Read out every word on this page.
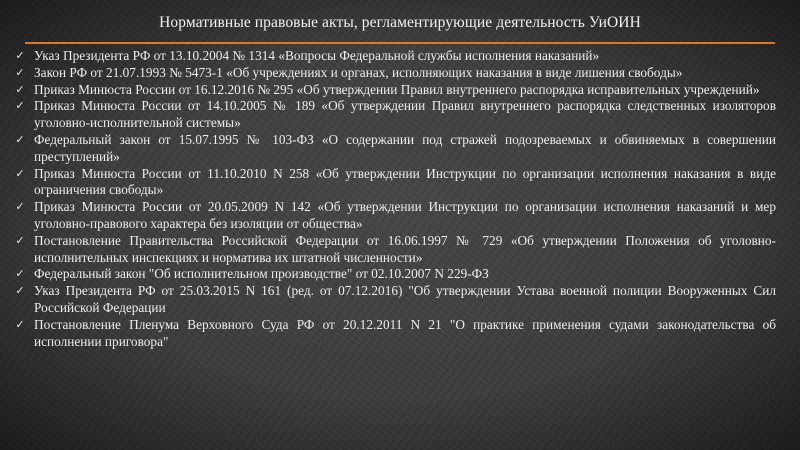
Нормативные правовые акты, регламентирующие деятельность УиОИН
✓ Указ Президента РФ от 13.10.2004 № 1314 «Вопросы Федеральной службы исполнения наказаний»
✓ Закон РФ от 21.07.1993 № 5473-1 «Об учреждениях и органах, исполняющих наказания в виде лишения свободы»
✓ Приказ Минюста России от 16.12.2016 № 295 «Об утверждении Правил внутреннего распорядка исправительных учреждений»
✓ Приказ Минюста России от 14.10.2005 № 189 «Об утверждении Правил внутреннего распорядка следственных изоляторов уголовно-исполнительной системы»
✓ Федеральный закон от 15.07.1995 № 103-ФЗ «О содержании под стражей подозреваемых и обвиняемых в совершении преступлений»
✓ Приказ Минюста России от 11.10.2010 N 258 «Об утверждении Инструкции по организации исполнения наказания в виде ограничения свободы»
✓ Приказ Минюста России от 20.05.2009 N 142 «Об утверждении Инструкции по организации исполнения наказаний и мер уголовно-правового характера без изоляции от общества»
✓ Постановление Правительства Российской Федерации от 16.06.1997 № 729 «Об утверждении Положения об уголовно-исполнительных инспекциях и норматива их штатной численности»
✓ Федеральный закон "Об исполнительном производстве" от 02.10.2007 N 229-ФЗ
✓ Указ Президента РФ от 25.03.2015 N 161 (ред. от 07.12.2016) "Об утверждении Устава военной полиции Вооруженных Сил Российской Федерации
✓ Постановление Пленума Верховного Суда РФ от 20.12.2011 N 21 "О практике применения судами законодательства об исполнении приговора"
